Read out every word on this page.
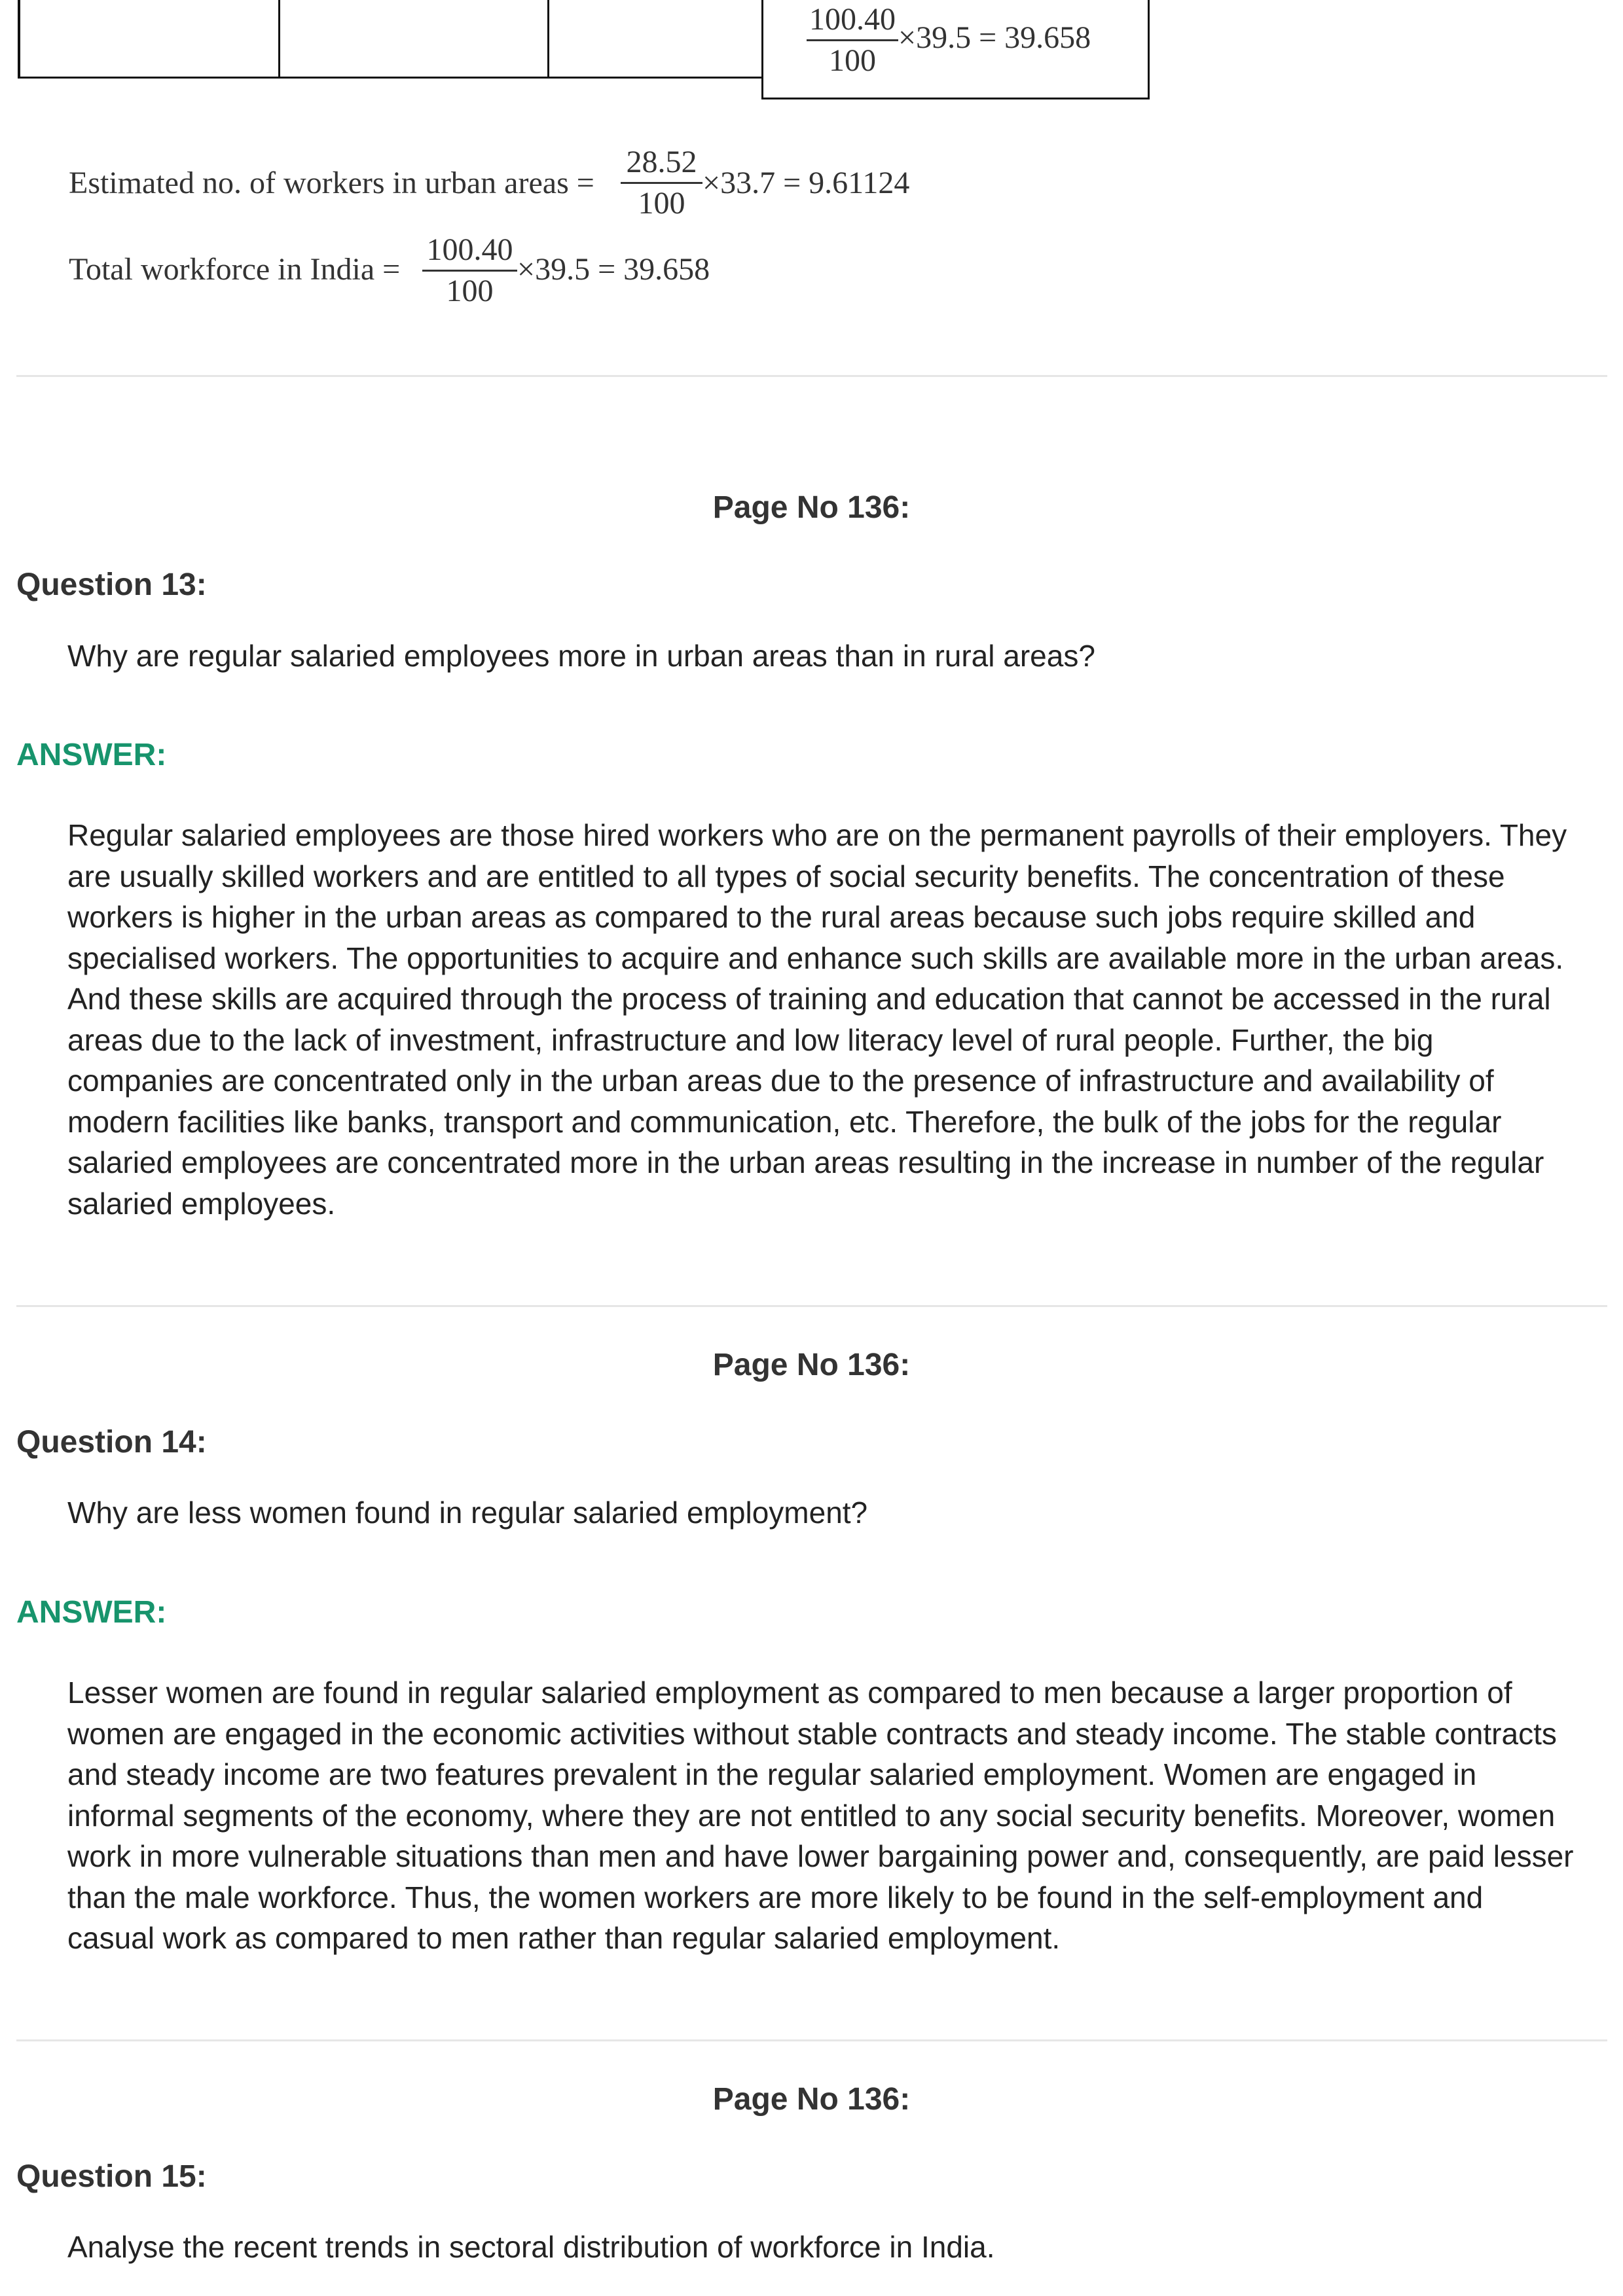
100.40
100
×39.5 = 39.658
Estimated no. of workers in urban areas =
28.52
100
×33.7 = 9.61124
Total workforce in India =
100.40
100
×39.5 = 39.658
Page No 136:
Question 13:
Why are regular salaried employees more in urban areas than in rural areas?
ANSWER:
Regular salaried employees are those hired workers who are on the permanent payrolls of their employers. They
are usually skilled workers and are entitled to all types of social security benefits. The concentration of these
workers is higher in the urban areas as compared to the rural areas because such jobs require skilled and
specialised workers. The opportunities to acquire and enhance such skills are available more in the urban areas.
And these skills are acquired through the process of training and education that cannot be accessed in the rural
areas due to the lack of investment, infrastructure and low literacy level of rural people. Further, the big
companies are concentrated only in the urban areas due to the presence of infrastructure and availability of
modern facilities like banks, transport and communication, etc. Therefore, the bulk of the jobs for the regular
salaried employees are concentrated more in the urban areas resulting in the increase in number of the regular
salaried employees.
Page No 136:
Question 14:
Why are less women found in regular salaried employment?
ANSWER:
Lesser women are found in regular salaried employment as compared to men because a larger proportion of
women are engaged in the economic activities without stable contracts and steady income. The stable contracts
and steady income are two features prevalent in the regular salaried employment. Women are engaged in
informal segments of the economy, where they are not entitled to any social security benefits. Moreover, women
work in more vulnerable situations than men and have lower bargaining power and, consequently, are paid lesser
than the male workforce. Thus, the women workers are more likely to be found in the self-employment and
casual work as compared to men rather than regular salaried employment.
Page No 136:
Question 15:
Analyse the recent trends in sectoral distribution of workforce in India.
